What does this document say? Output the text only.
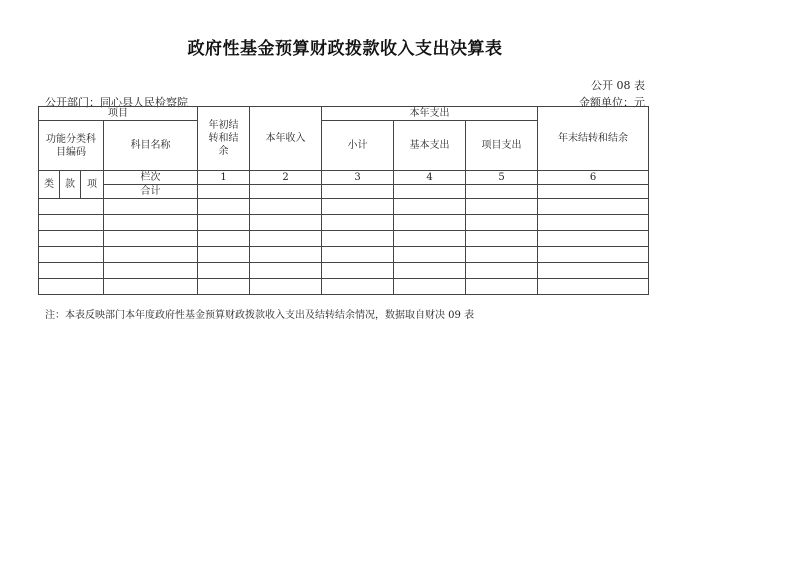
政府性基金预算财政拨款收入支出决算表
公开 08 表
公开部门：同心县人民检察院	金额单位：元
项目				年初结转和结余	本年收入	本年支出			年末结转和结余
功能分类科目编码			科目名称			小计	基本支出	项目支出	
类	款	项	栏次	1	2	3	4	5	6
			合计						

注：本表反映部门本年度政府性基金预算财政拨款收入支出及结转结余情况，数据取自财决 09 表
